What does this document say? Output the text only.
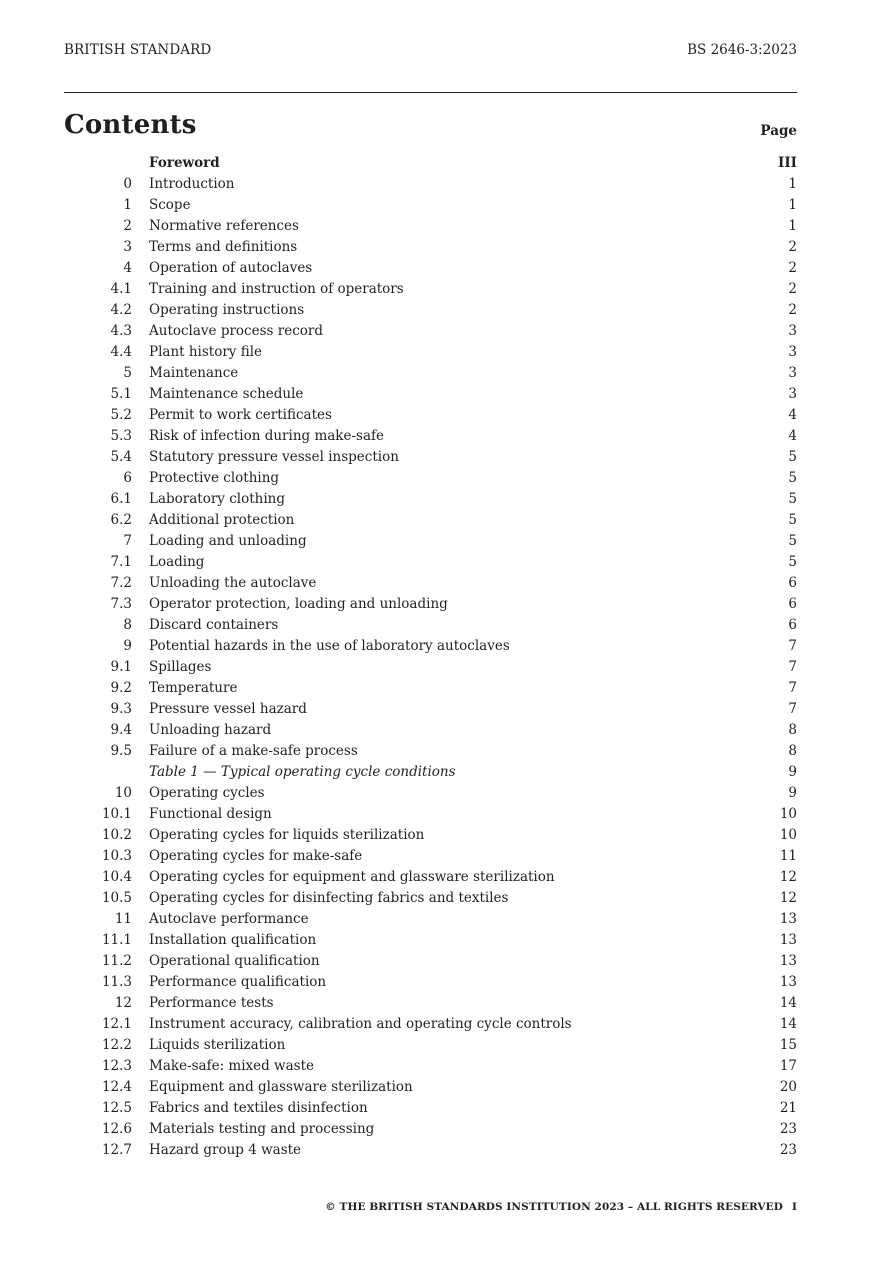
BRITISH STANDARD	BS 2646-3:2023
Contents	Page
Foreword	III
0 Introduction	1
1 Scope	1
2 Normative references	1
3 Terms and definitions	2
4 Operation of autoclaves	2
4.1 Training and instruction of operators	2
4.2 Operating instructions	2
4.3 Autoclave process record	3
4.4 Plant history file	3
5 Maintenance	3
5.1 Maintenance schedule	3
5.2 Permit to work certificates	4
5.3 Risk of infection during make-safe	4
5.4 Statutory pressure vessel inspection	5
6 Protective clothing	5
6.1 Laboratory clothing	5
6.2 Additional protection	5
7 Loading and unloading	5
7.1 Loading	5
7.2 Unloading the autoclave	6
7.3 Operator protection, loading and unloading	6
8 Discard containers	6
9 Potential hazards in the use of laboratory autoclaves	7
9.1 Spillages	7
9.2 Temperature	7
9.3 Pressure vessel hazard	7
9.4 Unloading hazard	8
9.5 Failure of a make-safe process	8
Table 1 — Typical operating cycle conditions	9
10 Operating cycles	9
10.1 Functional design	10
10.2 Operating cycles for liquids sterilization	10
10.3 Operating cycles for make-safe	11
10.4 Operating cycles for equipment and glassware sterilization	12
10.5 Operating cycles for disinfecting fabrics and textiles	12
11 Autoclave performance	13
11.1 Installation qualification	13
11.2 Operational qualification	13
11.3 Performance qualification	13
12 Performance tests	14
12.1 Instrument accuracy, calibration and operating cycle controls	14
12.2 Liquids sterilization	15
12.3 Make-safe: mixed waste	17
12.4 Equipment and glassware sterilization	20
12.5 Fabrics and textiles disinfection	21
12.6 Materials testing and processing	23
12.7 Hazard group 4 waste	23
© THE BRITISH STANDARDS INSTITUTION 2023 – ALL RIGHTS RESERVED I
